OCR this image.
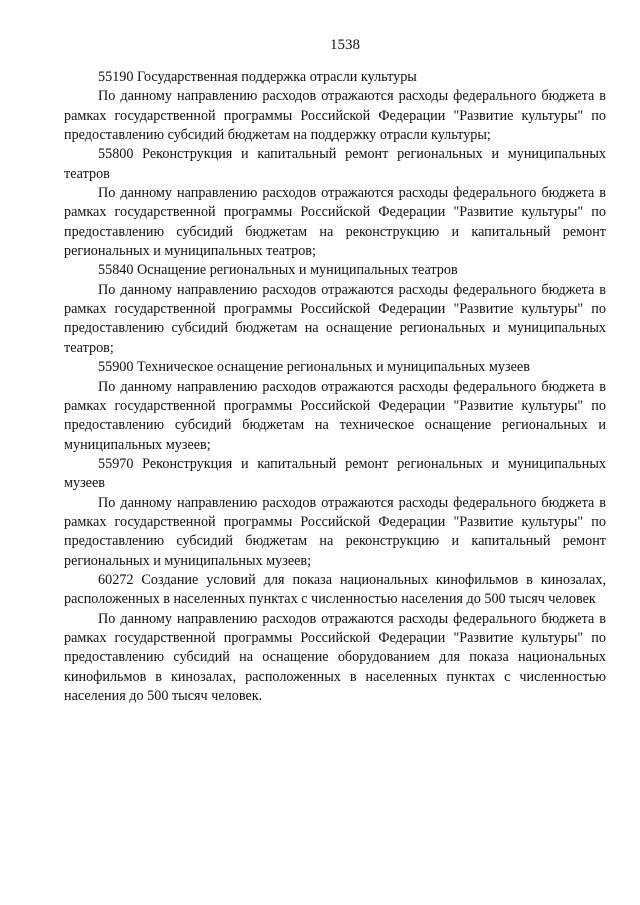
1538

55190 Государственная поддержка отрасли культуры

По данному направлению расходов отражаются расходы федерального бюджета в рамках государственной программы Российской Федерации "Развитие культуры" по предоставлению субсидий бюджетам на поддержку отрасли культуры;

55800 Реконструкция и капитальный ремонт региональных и муниципальных театров

По данному направлению расходов отражаются расходы федерального бюджета в рамках государственной программы Российской Федерации "Развитие культуры" по предоставлению субсидий бюджетам на реконструкцию и капитальный ремонт региональных и муниципальных театров;

55840 Оснащение региональных и муниципальных театров

По данному направлению расходов отражаются расходы федерального бюджета в рамках государственной программы Российской Федерации "Развитие культуры" по предоставлению субсидий бюджетам на оснащение региональных и муниципальных театров;

55900 Техническое оснащение региональных и муниципальных музеев

По данному направлению расходов отражаются расходы федерального бюджета в рамках государственной программы Российской Федерации "Развитие культуры" по предоставлению субсидий бюджетам на техническое оснащение региональных и муниципальных музеев;

55970 Реконструкция и капитальный ремонт региональных и муниципальных музеев

По данному направлению расходов отражаются расходы федерального бюджета в рамках государственной программы Российской Федерации "Развитие культуры" по предоставлению субсидий бюджетам на реконструкцию и капитальный ремонт региональных и муниципальных музеев;

60272 Создание условий для показа национальных кинофильмов в кинозалах, расположенных в населенных пунктах с численностью населения до 500 тысяч человек

По данному направлению расходов отражаются расходы федерального бюджета в рамках государственной программы Российской Федерации "Развитие культуры" по предоставлению субсидий на оснащение оборудованием для показа национальных кинофильмов в кинозалах, расположенных в населенных пунктах с численностью населения до 500 тысяч человек.
